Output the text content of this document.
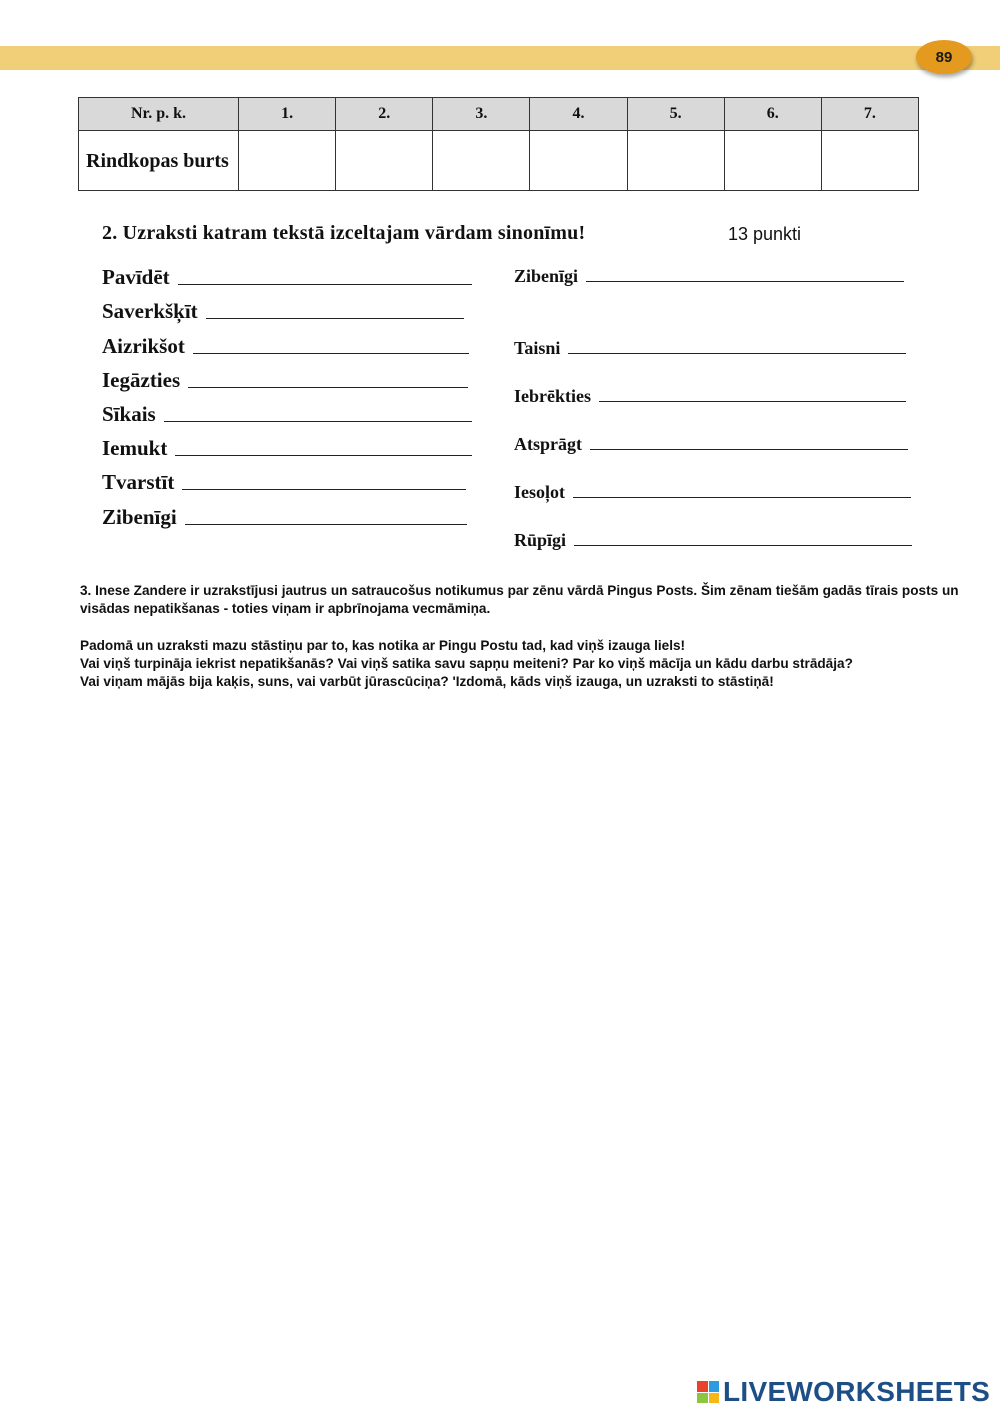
89
Nr. p. k.	1.	2.	3.	4.	5.	6.	7.
Rindkopas burts							
2. Uzraksti katram tekstā izceltajam vārdam sinonīmu!	13 punkti
Pavīdēt
Saverkšķīt
Aizrikšot
Iegāzties
Sīkais
Iemukt
Tvarstīt
Zibenīgi
Zibenīgi
Taisni
Iebrēkties
Atsprāgt
Iesoļot
Rūpīgi
3. Inese Zandere ir uzrakstījusi jautrus un satraucošus notikumus par zēnu vārdā Pingus Posts. Šim zēnam tiešām gadās tīrais posts un visādas nepatikšanas - toties viņam ir apbrīnojama vecmāmiņa.
Padomā un uzraksti mazu stāstiņu par to, kas notika ar Pingu Postu tad, kad viņš izauga liels!
Vai viņš turpināja iekrist nepatikšanās? Vai viņš satika savu sapņu meiteni? Par ko viņš mācīja un kādu darbu strādāja?
Vai viņam mājās bija kaķis, suns, vai varbūt jūrascūciņa? 'Izdomā, kāds viņš izauga, un uzraksti to stāstiņā!
LIVEWORKSHEETS
